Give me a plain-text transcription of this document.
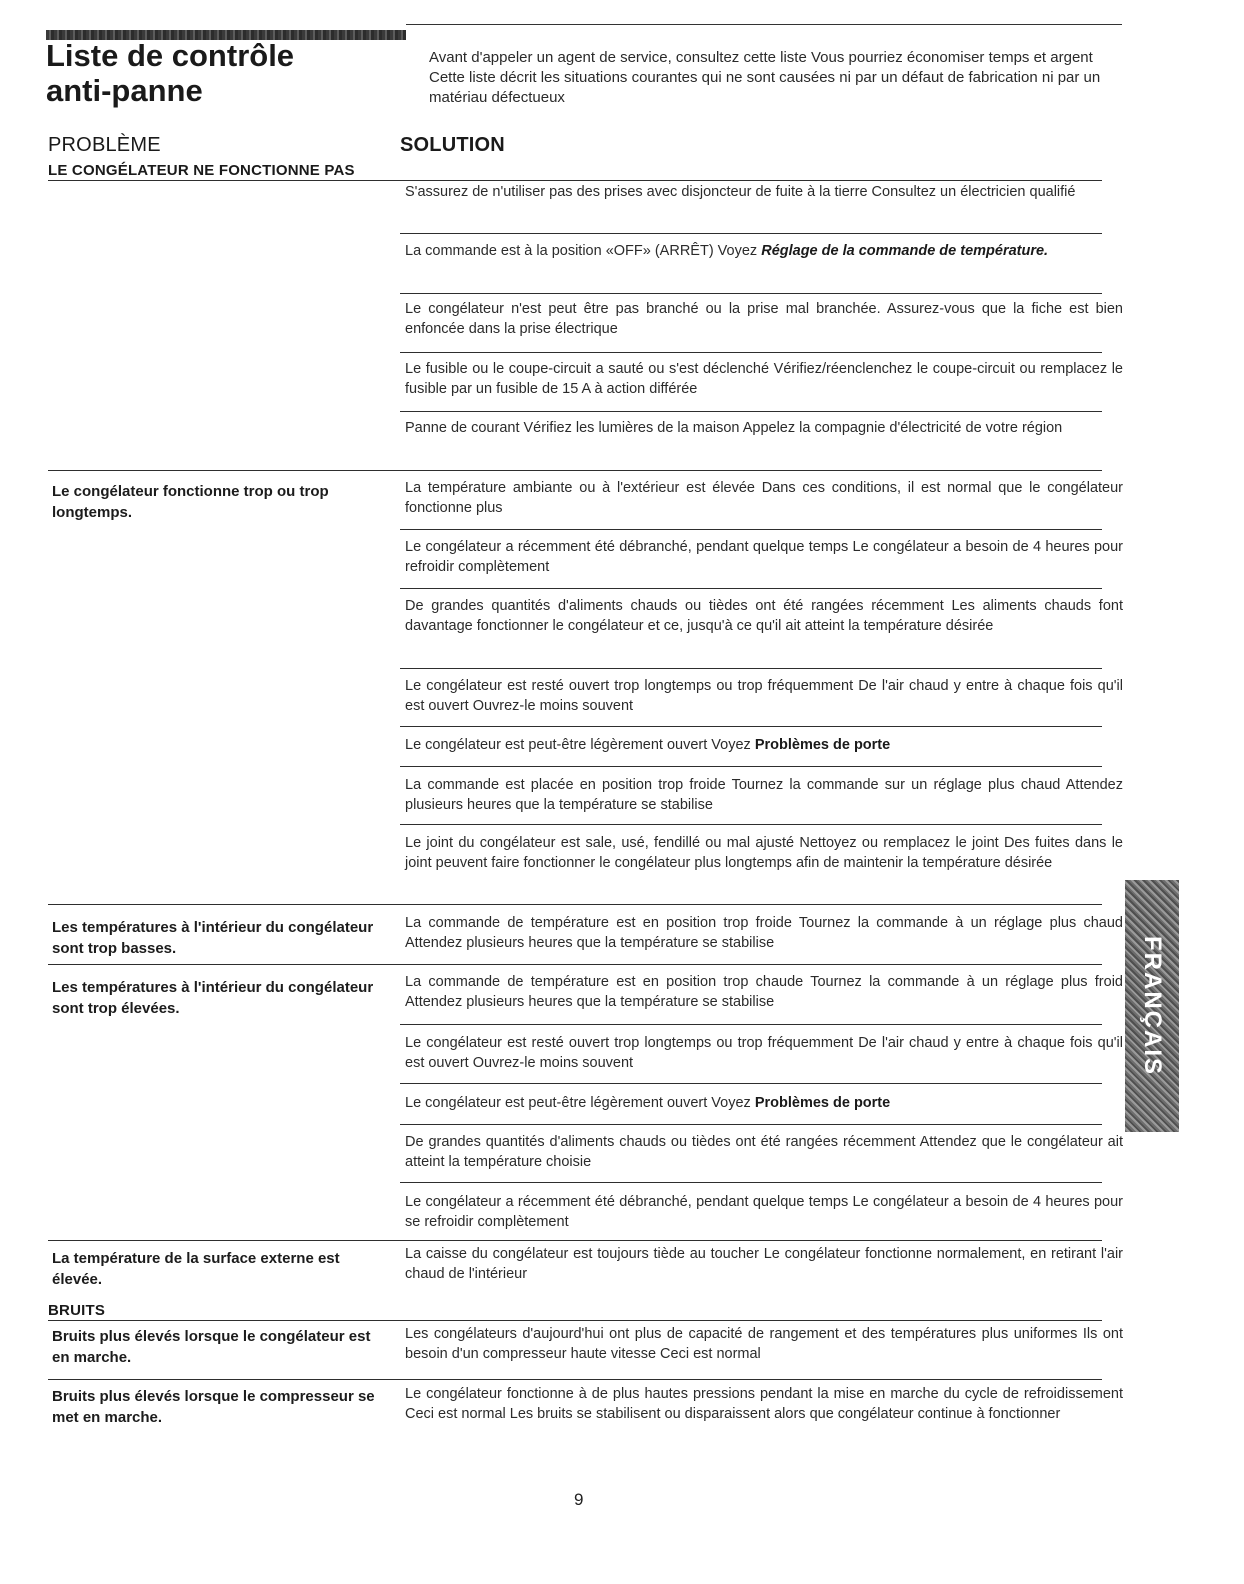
Liste de contrôle
anti-panne

Avant d'appeler un agent de service, consultez cette liste Vous pourriez économiser temps et argent Cette liste décrit les situations courantes qui ne sont causées ni par un défaut de fabrication ni par un matériau défectueux

PROBLÈME	SOLUTION
LE CONGÉLATEUR NE FONCTIONNE PAS
BRUITS

Le congélateur fonctionne trop ou trop longtemps.

Les températures à l'intérieur du congélateur sont trop basses.

Les températures à l'intérieur du congélateur sont trop élevées.

La température de la surface externe est élevée.

Bruits plus élevés lorsque le congélateur est en marche.

Bruits plus élevés lorsque le compresseur se met en marche.

S'assurez de n'utiliser pas des prises avec disjoncteur de fuite à la tierre Consultez un électricien qualifié

La commande est à la position «OFF» (ARRÊT) Voyez Réglage de la commande de température.

Le congélateur n'est peut être pas branché ou la prise mal branchée. Assurez-vous que la fiche est bien enfoncée dans la prise électrique

Le fusible ou le coupe-circuit a sauté ou s'est déclenché Vérifiez/réenclenchez le coupe-circuit ou remplacez le fusible par un fusible de 15 A à action différée

Panne de courant Vérifiez les lumières de la maison Appelez la compagnie d'électricité de votre région

La température ambiante ou à l'extérieur est élevée Dans ces conditions, il est normal que le congélateur fonctionne plus

Le congélateur a récemment été débranché, pendant quelque temps Le congélateur a besoin de 4 heures pour refroidir complètement

De grandes quantités d'aliments chauds ou tièdes ont été rangées récemment Les aliments chauds font davantage fonctionner le congélateur et ce, jusqu'à ce qu'il ait atteint la température désirée

Le congélateur est resté ouvert trop longtemps ou trop fréquemment De l'air chaud y entre à chaque fois qu'il est ouvert Ouvrez-le moins souvent

Le congélateur est peut-être légèrement ouvert Voyez Problèmes de porte

La commande est placée en position trop froide Tournez la commande sur un réglage plus chaud Attendez plusieurs heures que la température se stabilise

Le joint du congélateur est sale, usé, fendillé ou mal ajusté Nettoyez ou remplacez le joint Des fuites dans le joint peuvent faire fonctionner le congélateur plus longtemps afin de maintenir la température désirée

La commande de température est en position trop froide Tournez la commande à un réglage plus chaud Attendez plusieurs heures que la température se stabilise

La commande de température est en position trop chaude Tournez la commande à un réglage plus froid Attendez plusieurs heures que la température se stabilise

Le congélateur est resté ouvert trop longtemps ou trop fréquemment De l'air chaud y entre à chaque fois qu'il est ouvert Ouvrez-le moins souvent

Le congélateur est peut-être légèrement ouvert Voyez Problèmes de porte

De grandes quantités d'aliments chauds ou tièdes ont été rangées récemment Attendez que le congélateur ait atteint la température choisie

Le congélateur a récemment été débranché, pendant quelque temps Le congélateur a besoin de 4 heures pour se refroidir complètement

La caisse du congélateur est toujours tiède au toucher Le congélateur fonctionne normalement, en retirant l'air chaud de l'intérieur

Les congélateurs d'aujourd'hui ont plus de capacité de rangement et des températures plus uniformes Ils ont besoin d'un compresseur haute vitesse Ceci est normal

Le congélateur fonctionne à de plus hautes pressions pendant la mise en marche du cycle de refroidissement Ceci est normal Les bruits se stabilisent ou disparaissent alors que congélateur continue à fonctionner

FRANÇAIS
9
